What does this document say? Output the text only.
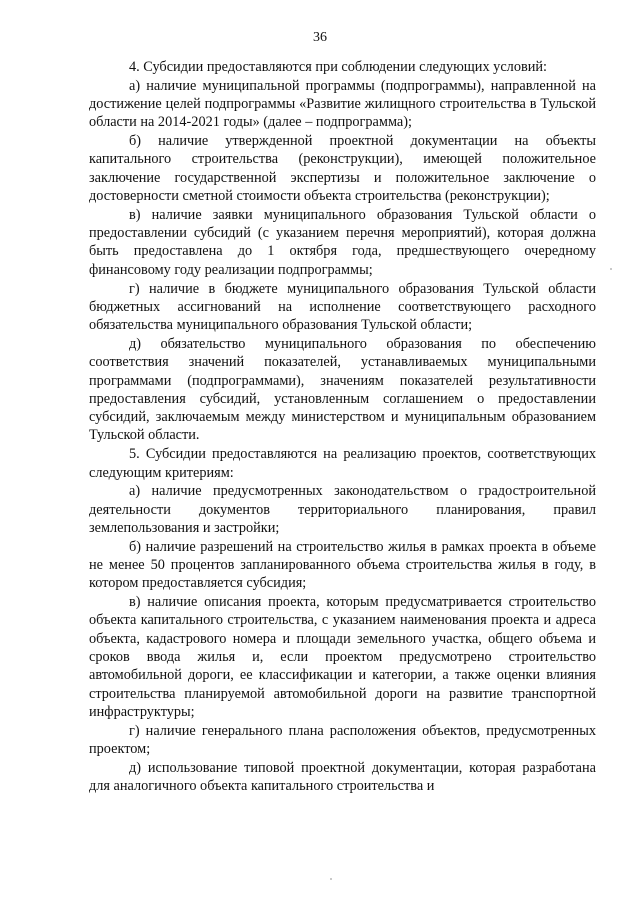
36

4. Субсидии предоставляются при соблюдении следующих условий:

а) наличие муниципальной программы (подпрограммы), направленной на достижение целей подпрограммы «Развитие жилищного строительства в Тульской области на 2014-2021 годы» (далее – подпрограмма);

б) наличие утвержденной проектной документации на объекты капитального строительства (реконструкции), имеющей положительное заключение государственной экспертизы и положительное заключение о достоверности сметной стоимости объекта строительства (реконструкции);

в) наличие заявки муниципального образования Тульской области о предоставлении субсидий (с указанием перечня мероприятий), которая должна быть предоставлена до 1 октября года, предшествующего очередному финансовому году реализации подпрограммы;

г) наличие в бюджете муниципального образования Тульской области бюджетных ассигнований на исполнение соответствующего расходного обязательства муниципального образования Тульской области;

д) обязательство муниципального образования по обеспечению соответствия значений показателей, устанавливаемых муниципальными программами (подпрограммами), значениям показателей результативности предоставления субсидий, установленным соглашением о предоставлении субсидий, заключаемым между министерством и муниципальным образованием Тульской области.

5. Субсидии предоставляются на реализацию проектов, соответствующих следующим критериям:

а) наличие предусмотренных законодательством о градостроительной деятельности документов территориального планирования, правил землепользования и застройки;

б) наличие разрешений на строительство жилья в рамках проекта в объеме не менее 50 процентов запланированного объема строительства жилья в году, в котором предоставляется субсидия;

в) наличие описания проекта, которым предусматривается строительство объекта капитального строительства, с указанием наименования проекта и адреса объекта, кадастрового номера и площади земельного участка, общего объема и сроков ввода жилья и, если проектом предусмотрено строительство автомобильной дороги, ее классификации и категории, а также оценки влияния строительства планируемой автомобильной дороги на развитие транспортной инфраструктуры;

г) наличие генерального плана расположения объектов, предусмотренных проектом;

д) использование типовой проектной документации, которая разработана для аналогичного объекта капитального строительства и
